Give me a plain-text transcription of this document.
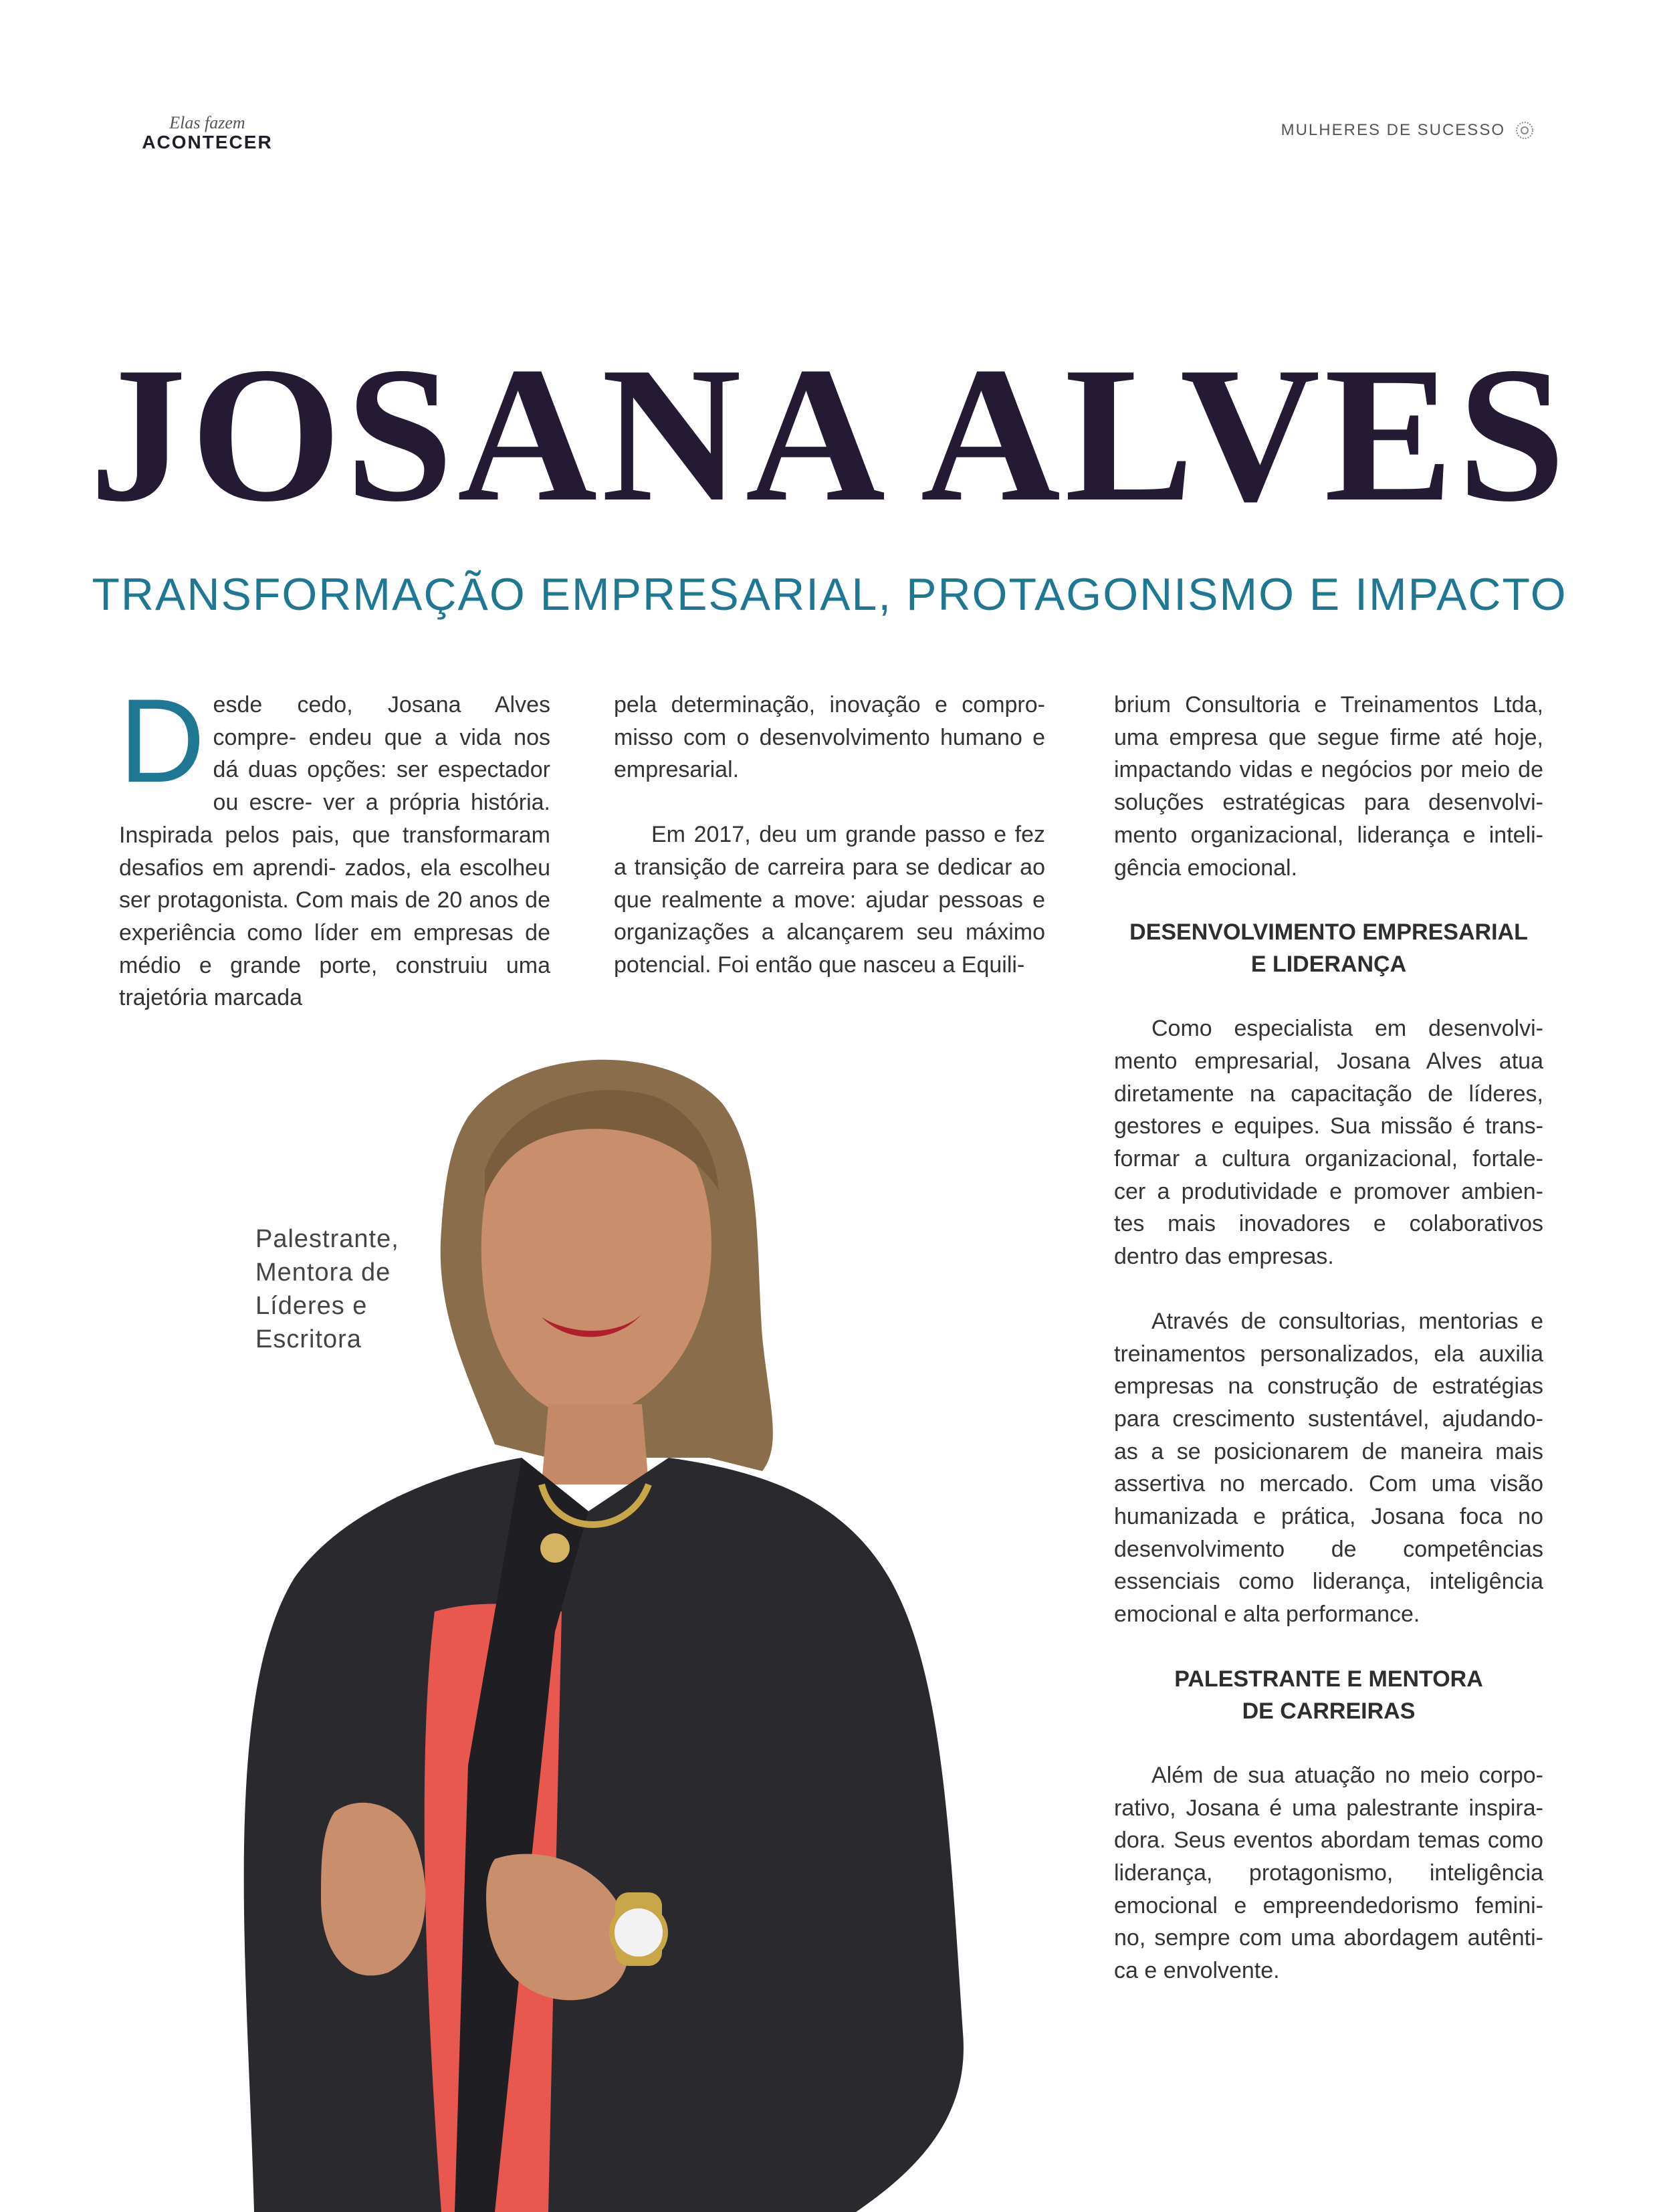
Elas fazem
ACONTECER
MULHERES DE SUCESSO
JOSANA ALVES
TRANSFORMAÇÃO EMPRESARIAL, PROTAGONISMO E IMPACTO

Desde cedo, Josana Alves compre- endeu que a vida nos dá duas opções: ser espectador ou escre- ver a própria história. Inspirada pelos pais, que transformaram desafios em aprendi- zados, ela escolheu ser protagonista. Com mais de 20 anos de experiência como líder em empresas de médio e grande porte, construiu uma trajetória marcada

pela determinação, inovação e compro- misso com o desenvolvimento humano e empresarial.

Em 2017, deu um grande passo e fez a transição de carreira para se dedicar ao que realmente a move: ajudar pessoas e organizações a alcançarem seu máximo potencial. Foi então que nasceu a Equili-

brium Consultoria e Treinamentos Ltda, uma empresa que segue firme até hoje, impactando vidas e negócios por meio de soluções estratégicas para desenvolvi- mento organizacional, liderança e inteli- gência emocional.

DESENVOLVIMENTO EMPRESARIAL
E LIDERANÇA

Como especialista em desenvolvi- mento empresarial, Josana Alves atua diretamente na capacitação de líderes, gestores e equipes. Sua missão é trans- formar a cultura organizacional, fortale- cer a produtividade e promover ambien- tes mais inovadores e colaborativos dentro das empresas.

Através de consultorias, mentorias e treinamentos personalizados, ela auxilia empresas na construção de estratégias para crescimento sustentável, ajudando- as a se posicionarem de maneira mais assertiva no mercado. Com uma visão humanizada e prática, Josana foca no desenvolvimento de competências essenciais como liderança, inteligência emocional e alta performance.

PALESTRANTE E MENTORA
DE CARREIRAS

Além de sua atuação no meio corpo- rativo, Josana é uma palestrante inspira- dora. Seus eventos abordam temas como liderança, protagonismo, inteligência emocional e empreendedorismo femini- no, sempre com uma abordagem autênti- ca e envolvente.

Palestrante,
Mentora de
Líderes e
Escritora
